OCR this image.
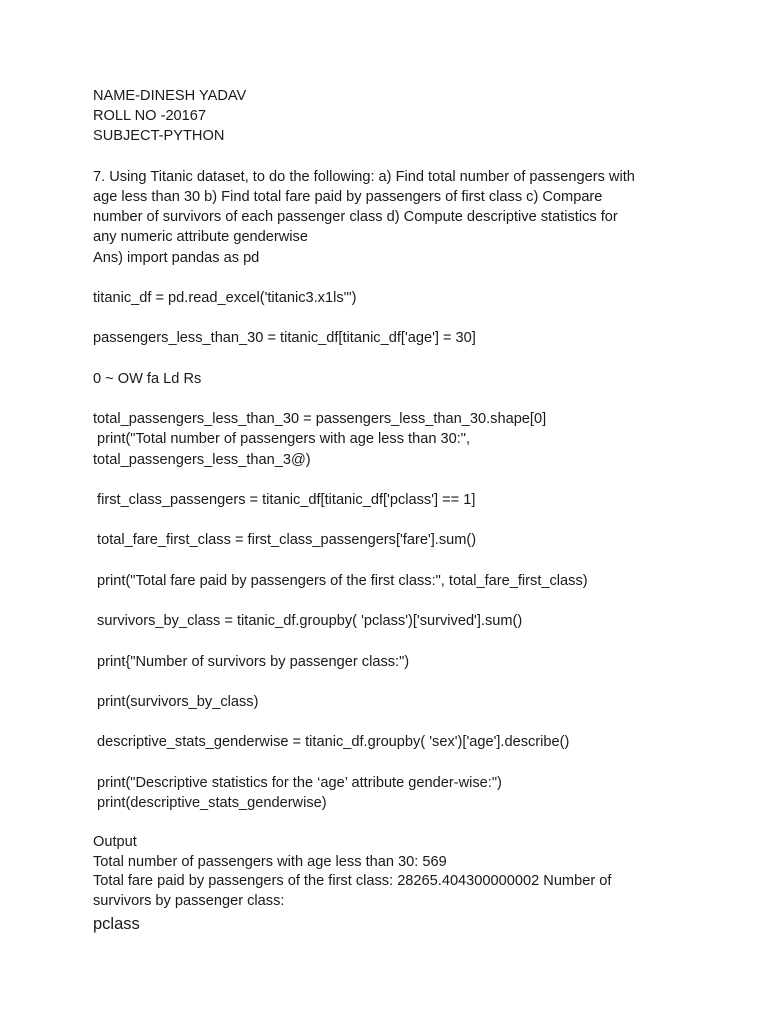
NAME-DINESH YADAV
ROLL NO -20167
SUBJECT-PYTHON
7. Using Titanic dataset, to do the following: a) Find total number of passengers with
age less than 30 b) Find total fare paid by passengers of first class c) Compare
number of survivors of each passenger class d) Compute descriptive statistics for
any numeric attribute genderwise
Ans) import pandas as pd
titanic_df = pd.read_excel('titanic3.x1ls'")
passengers_less_than_30 = titanic_df[titanic_df['age'] = 30]
0 ~ OW fa Ld Rs
total_passengers_less_than_30 = passengers_less_than_30.shape[0]
print("Total number of passengers with age less than 30:",
total_passengers_less_than_3@)
first_class_passengers = titanic_df[titanic_df['pclass'] == 1]
total_fare_first_class = first_class_passengers['fare'].sum()
print("Total fare paid by passengers of the first class:", total_fare_first_class)
survivors_by_class = titanic_df.groupby( 'pclass')['survived'].sum()
print{"Number of survivors by passenger class:")
print(survivors_by_class)
descriptive_stats_genderwise = titanic_df.groupby( 'sex')['age'].describe()
print("Descriptive statistics for the ‘age’ attribute gender-wise:")
print(descriptive_stats_genderwise)
Output
Total number of passengers with age less than 30: 569
Total fare paid by passengers of the first class: 28265.404300000002 Number of
survivors by passenger class:
pclass
